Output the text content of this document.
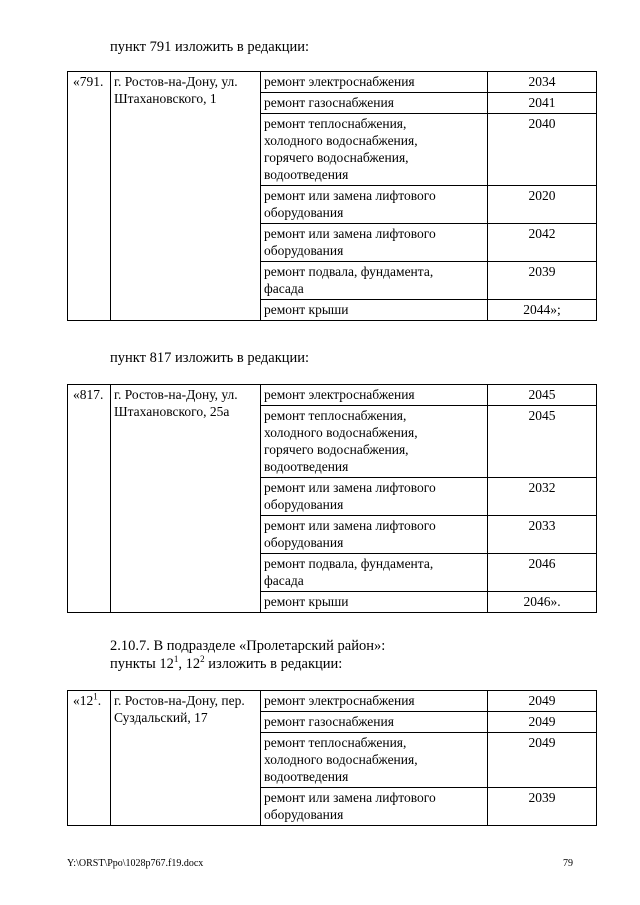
пункт 791 изложить в редакции:
«791.	г. Ростов-на-Дону, ул. Штахановского, 1	ремонт электроснабжения	2034
		ремонт газоснабжения	2041

		ремонт теплоснабжения, холодного водоснабжения, горячего водоснабжения, водоотведения	2040

		ремонт или замена лифтового оборудования	2020

		ремонт или замена лифтового оборудования	2042

		ремонт подвала, фундамента, фасада	2039
		ремонт крыши	2044»;
пункт 817 изложить в редакции:
«817.	г. Ростов-на-Дону, ул. Штахановского, 25а	ремонт электроснабжения	2045

		ремонт теплоснабжения, холодного водоснабжения, горячего водоснабжения, водоотведения	2045

		ремонт или замена лифтового оборудования	2032

		ремонт или замена лифтового оборудования	2033

		ремонт подвала, фундамента, фасада	2046
		ремонт крыши	2046».
2.10.7. В подразделе «Пролетарский район»:
пункты $12^1$, $12^2$ изложить в редакции:
«$12^1$.	г. Ростов-на-Дону, пер. Суздальский, 17	ремонт электроснабжения	2049
		ремонт газоснабжения	2049

		ремонт теплоснабжения, холодного водоснабжения, водоотведения	2049

		ремонт или замена лифтового оборудования	2039
Y:\ORST\Ppo\1028p767.f19.docx	79
